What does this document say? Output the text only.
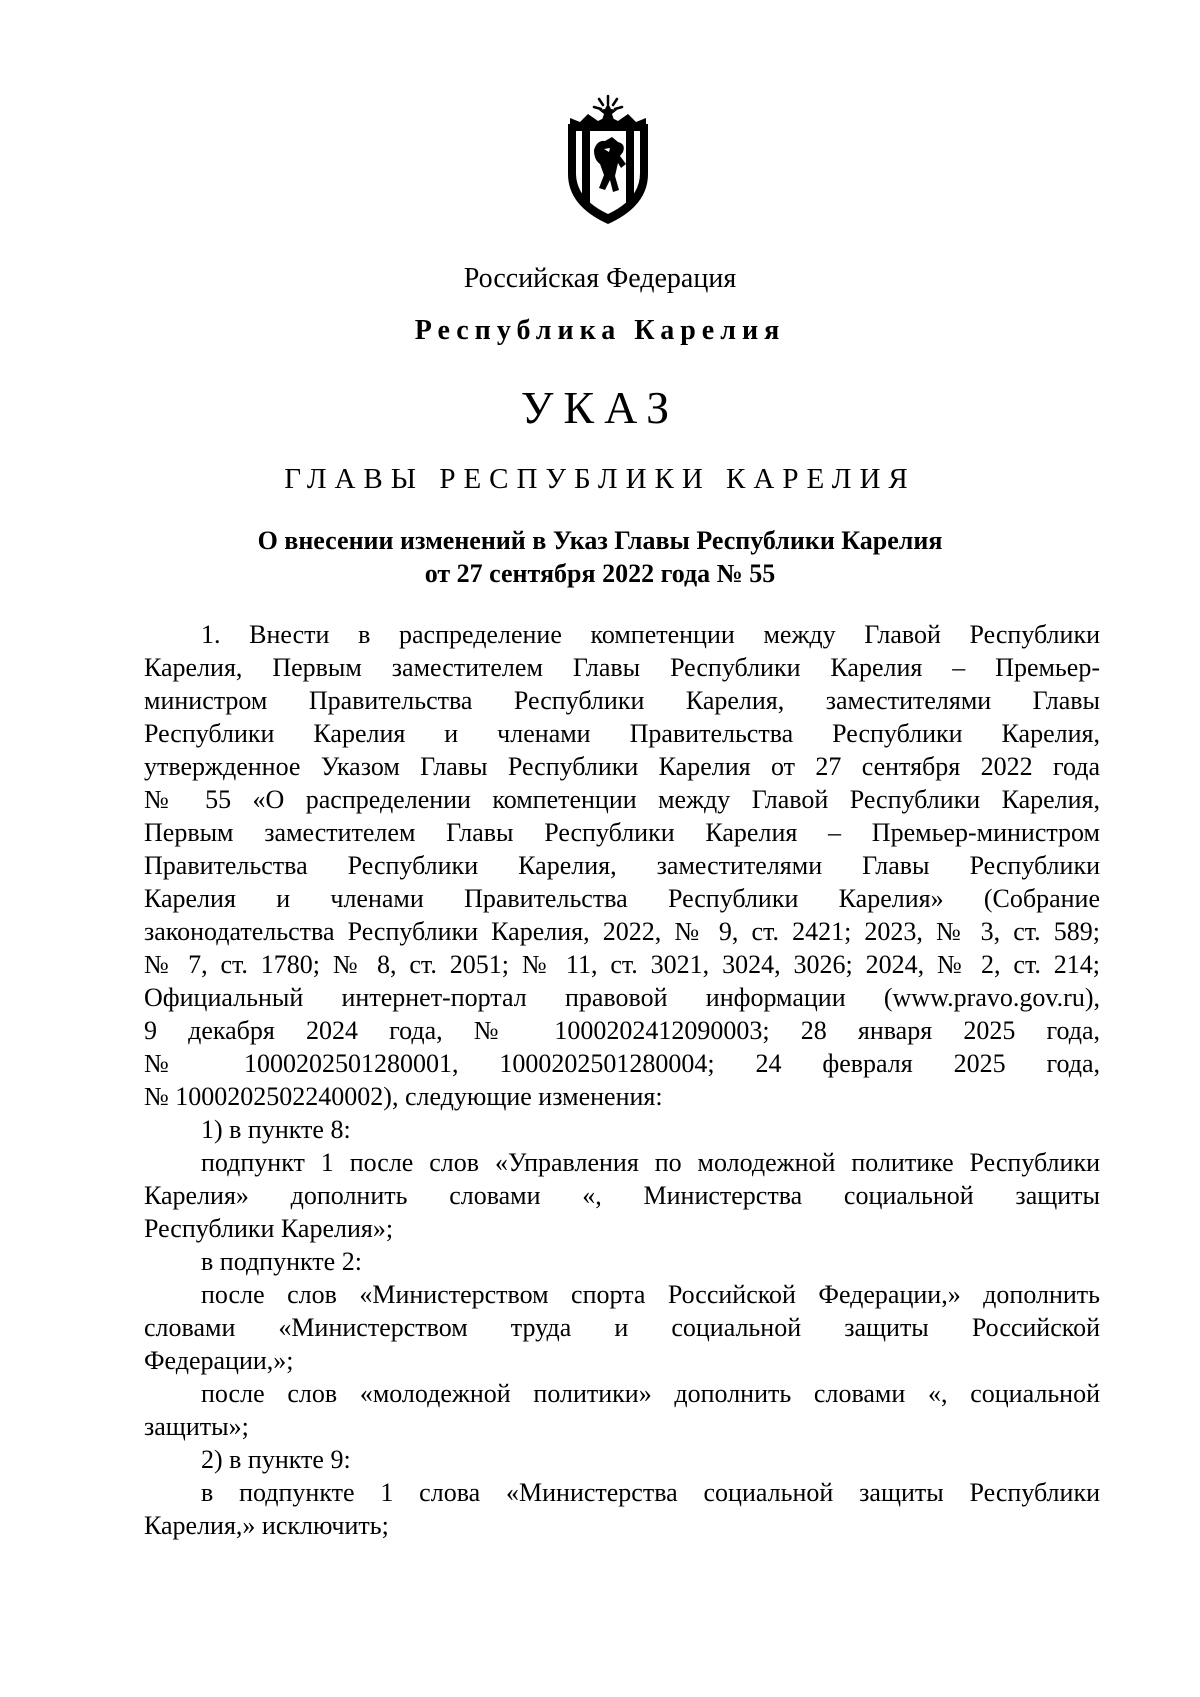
Российская Федерация
Республика Карелия
УКАЗ
ГЛАВЫ РЕСПУБЛИКИ КАРЕЛИЯ
О внесении изменений в Указ Главы Республики Карелия
от 27 сентября 2022 года № 55
1. Внести в распределение компетенции между Главой Республики
Карелия, Первым заместителем Главы Республики Карелия – Премьер-
министром Правительства Республики Карелия, заместителями Главы
Республики Карелия и членами Правительства Республики Карелия,
утвержденное Указом Главы Республики Карелия от 27 сентября 2022 года
№ 55 «О распределении компетенции между Главой Республики Карелия,
Первым заместителем Главы Республики Карелия – Премьер-министром
Правительства Республики Карелия, заместителями Главы Республики
Карелия и членами Правительства Республики Карелия» (Собрание
законодательства Республики Карелия, 2022, № 9, ст. 2421; 2023, № 3, ст. 589;
№ 7, ст. 1780; № 8, ст. 2051; № 11, ст. 3021, 3024, 3026; 2024, № 2, ст. 214;
Официальный интернет-портал правовой информации (www.pravo.gov.ru),
9 декабря 2024 года, № 1000202412090003; 28 января 2025 года,
№ 1000202501280001, 1000202501280004; 24 февраля 2025 года,
№ 1000202502240002), следующие изменения:
1) в пункте 8:
подпункт 1 после слов «Управления по молодежной политике Республики
Карелия» дополнить словами «, Министерства социальной защиты
Республики Карелия»;
в подпункте 2:
после слов «Министерством спорта Российской Федерации,» дополнить
словами «Министерством труда и социальной защиты Российской
Федерации,»;
после слов «молодежной политики» дополнить словами «, социальной
защиты»;
2) в пункте 9:
в подпункте 1 слова «Министерства социальной защиты Республики
Карелия,» исключить;
